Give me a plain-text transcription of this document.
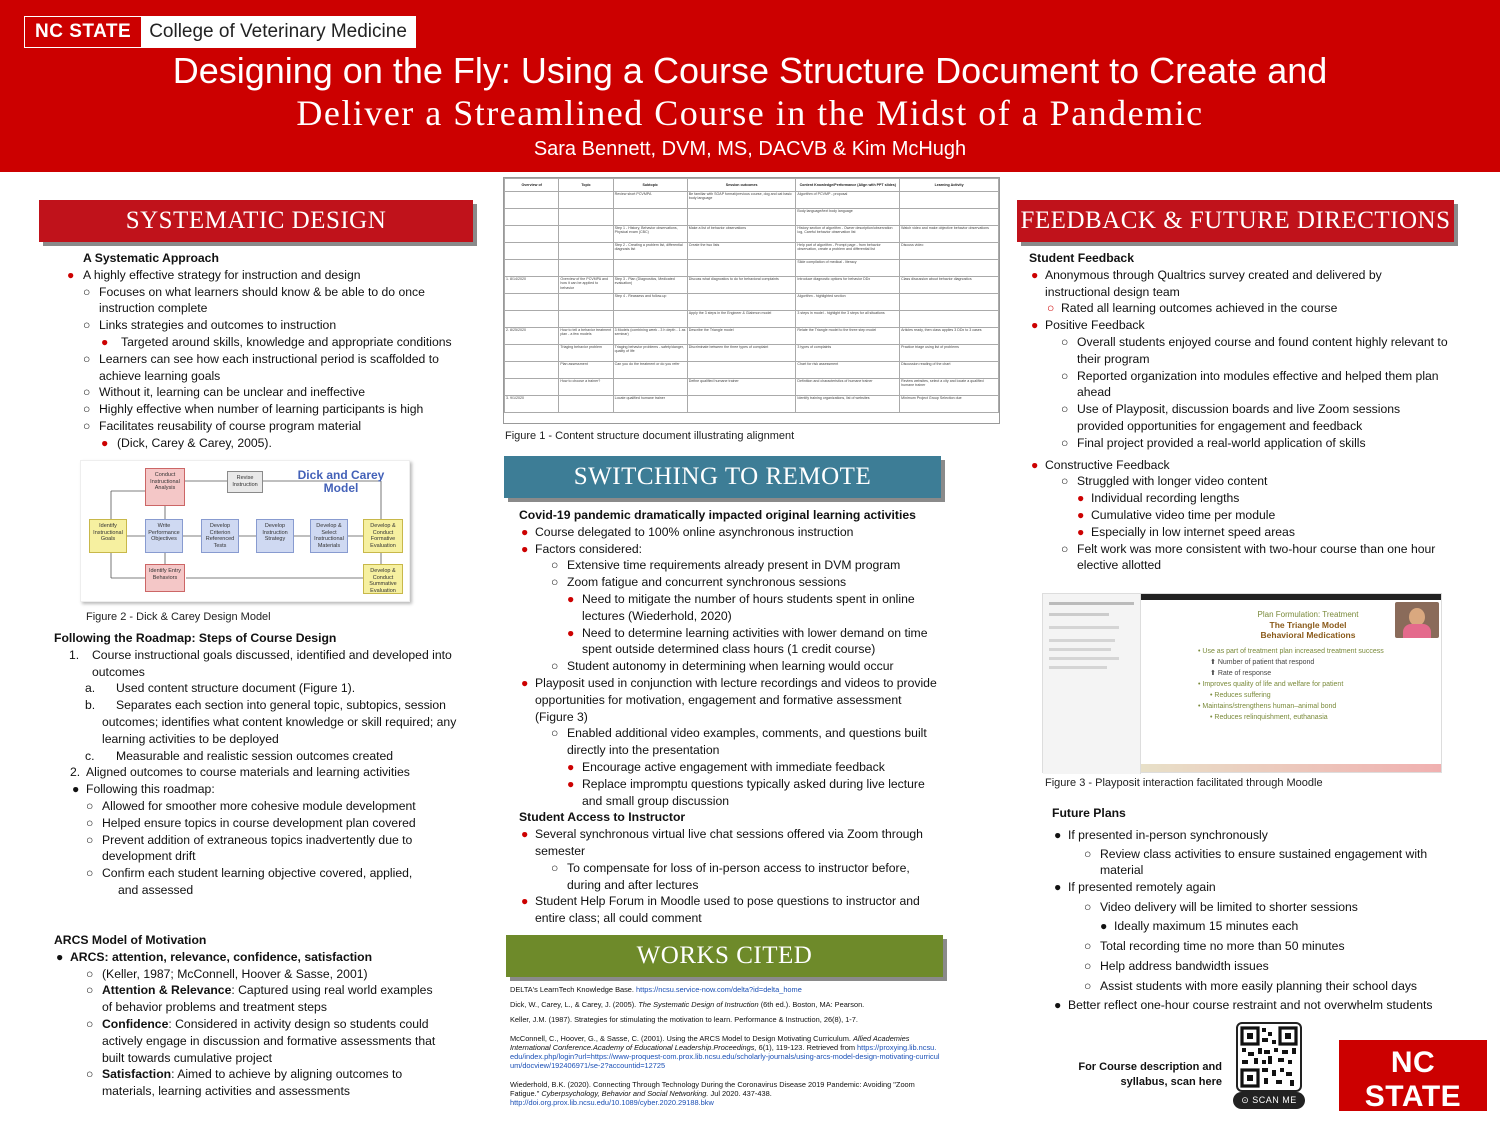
NC STATE College of Veterinary Medicine
Designing on the Fly: Using a Course Structure Document to Create and
Deliver a Streamlined Course in the Midst of a Pandemic
Sara Bennett, DVM, MS, DACVB & Kim McHugh
SYSTEMATIC DESIGN
A Systematic Approach
● A highly effective strategy for instruction and design
○ Focuses on what learners should know & be able to do once instruction complete
○ Links strategies and outcomes to instruction
● Targeted around skills, knowledge and appropriate conditions
○ Learners can see how each instructional period is scaffolded to achieve learning goals
○ Without it, learning can be unclear and ineffective
○ Highly effective when number of learning participants is high
○ Facilitates reusability of course program material
● (Dick, Carey & Carey, 2005).
Conduct Instructional Analysis
Revise Instruction
Dick and Carey Model
Identify Instructional Goals
Write Performance Objectives
Develop Criterion Referenced Tests
Develop Instruction Strategy
Develop & Select Instructional Materials
Develop & Conduct Formative Evaluation
Identify Entry Behaviors
Develop & Conduct Summative Evaluation
Figure 2 - Dick & Carey Design Model
Following the Roadmap: Steps of Course Design
1. Course instructional goals discussed, identified and developed into outcomes
a. Used content structure document (Figure 1).
b. Separates each section into general topic, subtopics, session
outcomes; identifies what content knowledge or skill required; any learning activities to be deployed
c. Measurable and realistic session outcomes created
2. Aligned outcomes to course materials and learning activities
● Following this roadmap:
○ Allowed for smoother more cohesive module development
○ Helped ensure topics in course development plan covered
○ Prevent addition of extraneous topics inadvertently due to development drift
○ Confirm each student learning objective covered, applied,
and assessed
ARCS Model of Motivation
● ARCS: attention, relevance, confidence, satisfaction
○ (Keller, 1987; McConnell, Hoover & Sasse, 2001)
○ Attention & Relevance: Captured using real world examples of behavior problems and treatment steps
○ Confidence: Considered in activity design so students could actively engage in discussion and formative assessments that built towards cumulative project
○ Satisfaction: Aimed to achieve by aligning outcomes to materials, learning activities and assessments
Overview of	Topic	Subtopic	Session outcomes	Content Knowledge/Performance (Align with PPT slides)	Learning Activity
		Review short PCVMPA	Be familiar with SOAP format/previous course, dog and cat basic body language	Algorithm of PCVMP - proposal	
				Body language/text body language	
		Step 1 - History, Behavior observations, Physical exam (CBC)	Make a list of behavior observations	History section of algorithm - Owner description/observation log, Careful behavior observation list	Watch video and make objective behavior observations
		Step 2 - Creating a problem list, differential diagnosis list	Create the two lists	Help part of algorithm - Prompt page - from behavior observation, create a problem and differential list	Discuss video
				Slide compilation of medical - literacy	
1. 8/14/2020	Overview of the PCVMPA and how it can be applied to behavior	Step 3 - Plan (Diagnostics, Medicated evaluation)	Discuss what diagnostics to do for behavioral complaints	Introduce diagnostic options for behavior DDx	Class discussion about behavior diagnostics
		Step 4 - Reassess and follow-up		Algorithm - highlighted section	
			Apply the 3 steps in the Engineer & Glabmon model	3 steps in model - highlight the 3 steps for all situations	
2. 8/25/2020	How to tell a behavior treatment plan - a few models	3 Models (combining week - 3 h depth - 1 as seminar)	Describe the Triangle model	Relate the Triangle model to the three step model	Articles ready, then class applies 3 DDx to 3 cases
	Triaging behavior problem	Triaging behavior problems - safety/danger, quality of life	Discriminate between the three types of complaint	3 types of complaints	Practice triage using list of problems
	Plan assessment	Can you do the treatment or do you refer		Chart for risk assessment	Discussion reading of the chart
	How to choose a trainer?		Define qualified humane trainer	Definition and characteristics of humane trainer	Review websites, select a city and locate a qualified humane trainer
3. 9/1/2020		Locate qualified humane trainer		Identify training organizations, list of websites	Minimum Project Group Selection due
Figure 1 - Content structure document illustrating alignment
SWITCHING TO REMOTE
Covid-19 pandemic dramatically impacted original learning activities
● Course delegated to 100% online asynchronous instruction
● Factors considered:
○ Extensive time requirements already present in DVM program
○ Zoom fatigue and concurrent synchronous sessions
● Need to mitigate the number of hours students spent in online lectures (Wiederhold, 2020)
● Need to determine learning activities with lower demand on time spent outside determined class hours (1 credit course)
○ Student autonomy in determining when learning would occur
● Playposit used in conjunction with lecture recordings and videos to provide opportunities for motivation, engagement and formative assessment (Figure 3)
○ Enabled additional video examples, comments, and questions built directly into the presentation
● Encourage active engagement with immediate feedback
● Replace impromptu questions typically asked during live lecture and small group discussion
Student Access to Instructor
● Several synchronous virtual live chat sessions offered via Zoom through semester
○ To compensate for loss of in-person access to instructor before, during and after lectures
● Student Help Forum in Moodle used to pose questions to instructor and entire class; all could comment
WORKS CITED
DELTA's LearnTech Knowledge Base. https://ncsu.service-now.com/delta?id=delta_home
Dick, W., Carey, L., & Carey, J. (2005). The Systematic Design of Instruction (6th ed.). Boston, MA: Pearson.
Keller, J.M. (1987). Strategies for stimulating the motivation to learn. Performance & Instruction, 26(8), 1-7.
McConnell, C., Hoover, G., & Sasse, C. (2001). Using the ARCS Model to Design Motivating Curriculum. Allied Academies International Conference.Academy of Educational Leadership.Proceedings, 6(1), 119-123. Retrieved from https://proxying.lib.ncsu.edu/index.php/login?url=https://www-proquest-com.prox.lib.ncsu.edu/scholarly-journals/using-arcs-model-design-motivating-curriculum/docview/192406971/se-2?accountid=12725
Wiederhold, B.K. (2020). Connecting Through Technology During the Coronavirus Disease 2019 Pandemic: Avoiding "Zoom Fatigue." Cyberpsychology, Behavior and Social Networking. Jul 2020. 437-438. http://doi.org.prox.lib.ncsu.edu/10.1089/cyber.2020.29188.bkw
FEEDBACK & FUTURE DIRECTIONS
Student Feedback
● Anonymous through Qualtrics survey created and delivered by instructional design team
○ Rated all learning outcomes achieved in the course
● Positive Feedback
○ Overall students enjoyed course and found content highly relevant to their program
○ Reported organization into modules effective and helped them plan ahead
○ Use of Playposit, discussion boards and live Zoom sessions provided opportunities for engagement and feedback
○ Final project provided a real-world application of skills
● Constructive Feedback
○ Struggled with longer video content
● Individual recording lengths
● Cumulative video time per module
● Especially in low internet speed areas
○ Felt work was more consistent with two-hour course than one hour elective allotted
Plan Formulation: Treatment
The Triangle Model
Behavioral Medications
• Use as part of treatment plan increased treatment success
⬆ Number of patient that respond
⬆ Rate of response
• Improves quality of life and welfare for patient
• Reduces suffering
• Maintains/strengthens human–animal bond
• Reduces relinquishment, euthanasia
Figure 3 - Playposit interaction facilitated through Moodle
Future Plans
● If presented in-person synchronously
○ Review class activities to ensure sustained engagement with material
● If presented remotely again
○ Video delivery will be limited to shorter sessions
● Ideally maximum 15 minutes each
○ Total recording time no more than 50 minutes
○ Help address bandwidth issues
○ Assist students with more easily planning their school days
● Better reflect one-hour course restraint and not overwhelm students
For Course description and syllabus, scan here
⊙ SCAN ME
NC STATE
UNIVERSITY
